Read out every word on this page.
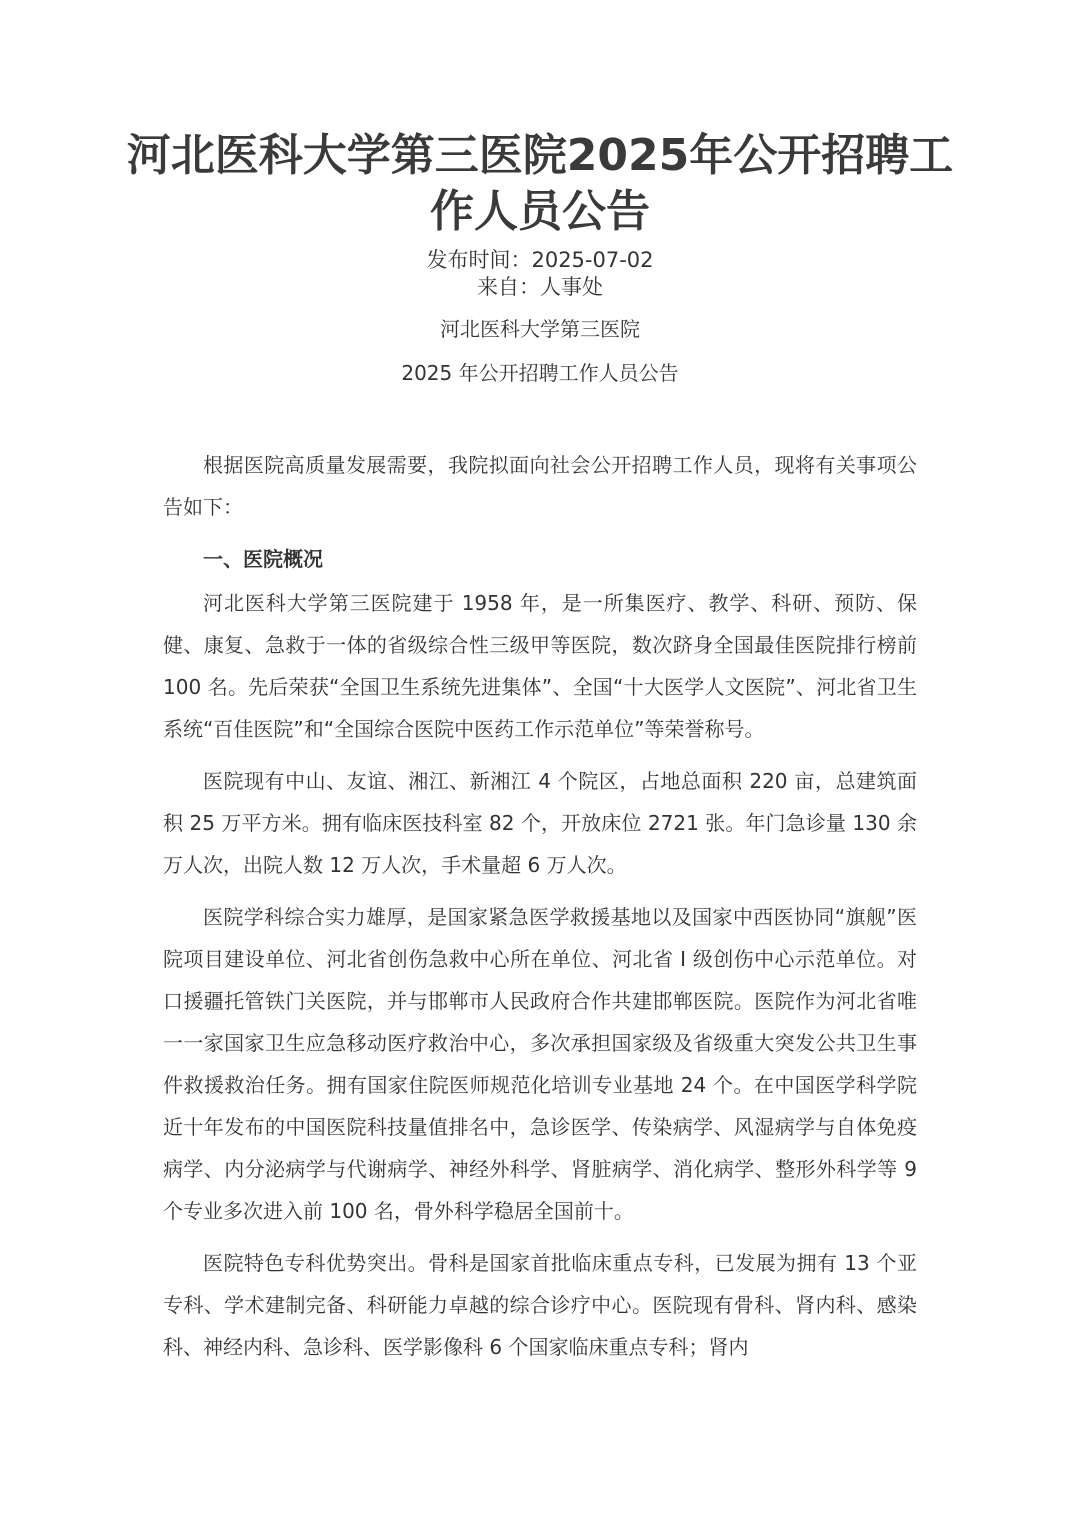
河北医科大学第三医院2025年公开招聘工作人员公告
发布时间：2025-07-02
来自：人事处
河北医科大学第三医院
2025 年公开招聘工作人员公告

根据医院高质量发展需要，我院拟面向社会公开招聘工作人员，现将有关事项公告如下：

一、医院概况

河北医科大学第三医院建于 1958 年，是一所集医疗、教学、科研、预防、保健、康复、急救于一体的省级综合性三级甲等医院，数次跻身全国最佳医院排行榜前 100 名。先后荣获“全国卫生系统先进集体”、全国“十大医学人文医院”、河北省卫生系统“百佳医院”和“全国综合医院中医药工作示范单位”等荣誉称号。

医院现有中山、友谊、湘江、新湘江 4 个院区，占地总面积 220 亩，总建筑面积 25 万平方米。拥有临床医技科室 82 个，开放床位 2721 张。年门急诊量 130 余万人次，出院人数 12 万人次，手术量超 6 万人次。

医院学科综合实力雄厚，是国家紧急医学救援基地以及国家中西医协同“旗舰”医院项目建设单位、河北省创伤急救中心所在单位、河北省 I 级创伤中心示范单位。对口援疆托管铁门关医院，并与邯郸市人民政府合作共建邯郸医院。医院作为河北省唯一一家国家卫生应急移动医疗救治中心，多次承担国家级及省级重大突发公共卫生事件救援救治任务。拥有国家住院医师规范化培训专业基地 24 个。在中国医学科学院近十年发布的中国医院科技量值排名中，急诊医学、传染病学、风湿病学与自体免疫病学、内分泌病学与代谢病学、神经外科学、肾脏病学、消化病学、整形外科学等 9 个专业多次进入前 100 名，骨外科学稳居全国前十。

医院特色专科优势突出。骨科是国家首批临床重点专科，已发展为拥有 13 个亚专科、学术建制完备、科研能力卓越的综合诊疗中心。医院现有骨科、肾内科、感染科、神经内科、急诊科、医学影像科 6 个国家临床重点专科；肾内
